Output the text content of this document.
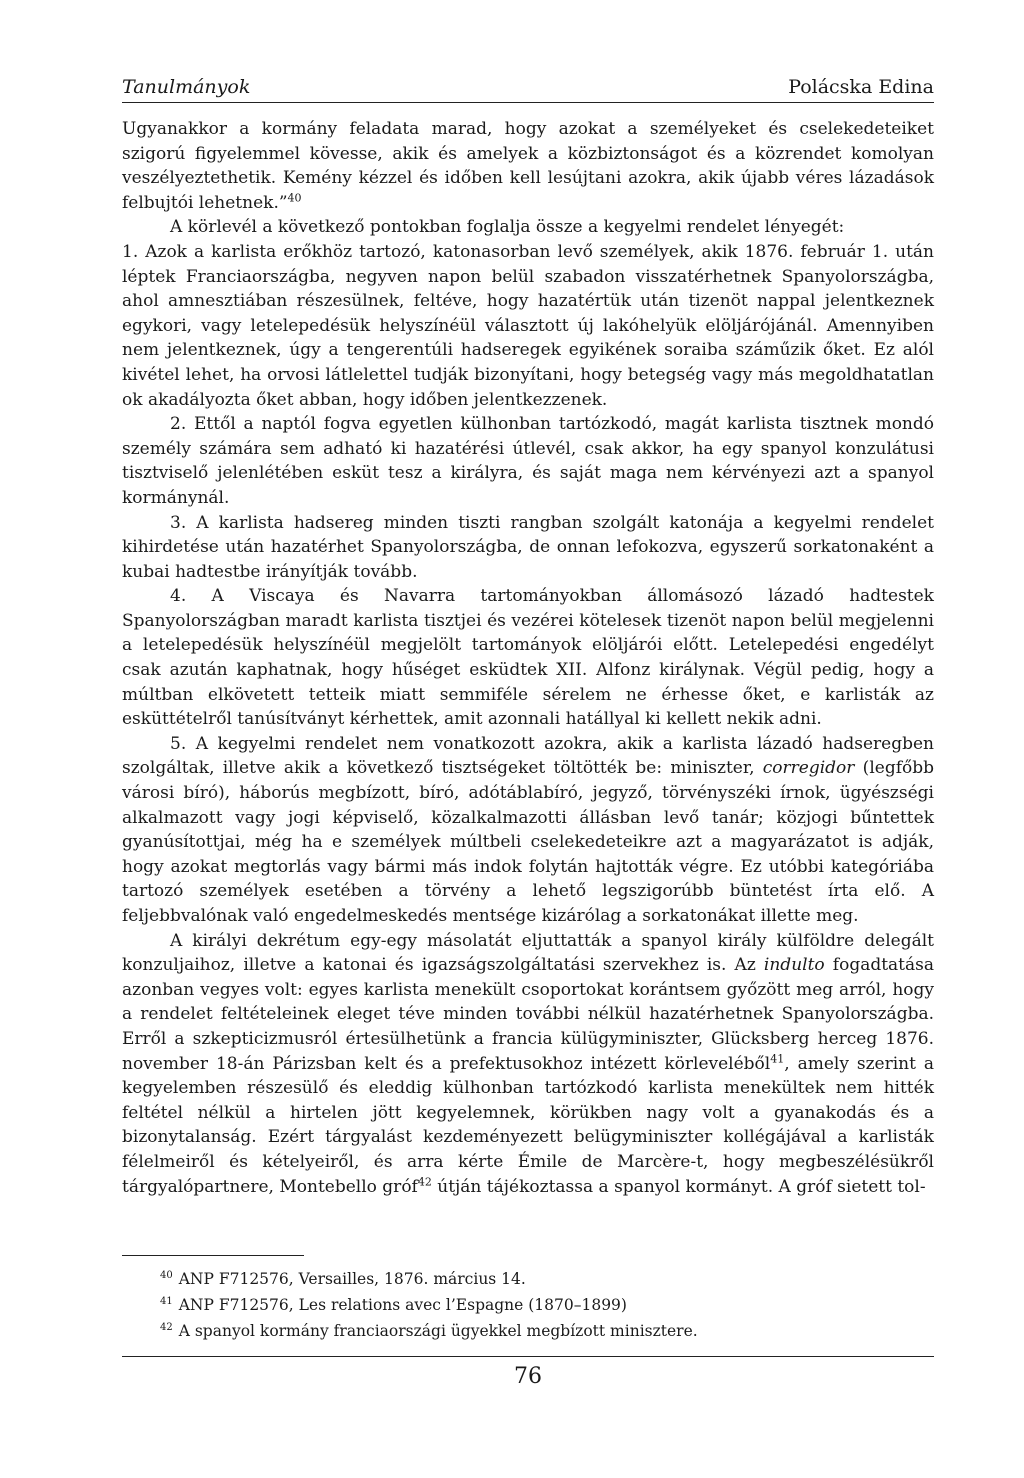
Tanulmányok	Polácska Edina

Ugyanakkor a kormány feladata marad, hogy azokat a személyeket és cselekedeteiket szigorú figyelemmel kövesse, akik és amelyek a közbiztonságot és a közrendet komolyan veszélyeztethetik. Kemény kézzel és időben kell lesújtani azokra, akik újabb véres lázadások felbujtói lehetnek.”$^{40}$

A körlevél a következő pontokban foglalja össze a kegyelmi rendelet lényegét:

1. Azok a karlista erőkhöz tartozó, katonasorban levő személyek, akik 1876. február 1. után léptek Franciaországba, negyven napon belül szabadon visszatérhetnek Spanyolországba, ahol amnesztiában részesülnek, feltéve, hogy hazatértük után tizenöt nappal jelentkeznek egykori, vagy letelepedésük helyszínéül választott új lakóhelyük elöljárójánál. Amennyiben nem jelentkeznek, úgy a tengerentúli hadseregek egyikének soraiba száműzik őket. Ez alól kivétel lehet, ha orvosi látlelettel tudják bizonyítani, hogy betegség vagy más megoldhatatlan ok akadályozta őket abban, hogy időben jelentkezzenek.

2. Ettől a naptól fogva egyetlen külhonban tartózkodó, magát karlista tisztnek mondó személy számára sem adható ki hazatérési útlevél, csak akkor, ha egy spanyol konzulátusi tisztviselő jelenlétében esküt tesz a királyra, és saját maga nem kérvényezi azt a spanyol kormánynál.

3. A karlista hadsereg minden tiszti rangban szolgált katonája a kegyelmi rendelet kihirdetése után hazatérhet Spanyolországba, de onnan lefokozva, egyszerű sorkatonaként a kubai hadtestbe irányítják tovább.

4. A Viscaya és Navarra tartományokban állomásozó lázadó hadtestek Spanyolországban maradt karlista tisztjei és vezérei kötelesek tizenöt napon belül megjelenni a letelepedésük helyszínéül megjelölt tartományok elöljárói előtt. Letelepedési engedélyt csak azután kaphatnak, hogy hűséget esküdtek XII. Alfonz királynak. Végül pedig, hogy a múltban elkövetett tetteik miatt semmiféle sérelem ne érhesse őket, e karlisták az esküttételről tanúsítványt kérhettek, amit azonnali hatállyal ki kellett nekik adni.

5. A kegyelmi rendelet nem vonatkozott azokra, akik a karlista lázadó hadseregben szolgáltak, illetve akik a következő tisztségeket töltötték be: miniszter, corregidor (legfőbb városi bíró), háborús megbízott, bíró, adótáblabíró, jegyző, törvényszéki írnok, ügyészségi alkalmazott vagy jogi képviselő, közalkalmazotti állásban levő tanár; közjogi bűntettek gyanúsítottjai, még ha e személyek múltbeli cselekedeteikre azt a magyarázatot is adják, hogy azokat megtorlás vagy bármi más indok folytán hajtották végre. Ez utóbbi kategóriába tartozó személyek esetében a törvény a lehető legszigorúbb büntetést írta elő. A feljebbvalónak való engedelmeskedés mentsége kizárólag a sorkatonákat illette meg.

A királyi dekrétum egy-egy másolatát eljuttatták a spanyol király külföldre delegált konzuljaihoz, illetve a katonai és igazságszolgáltatási szervekhez is. Az indulto fogadtatása azonban vegyes volt: egyes karlista menekült csoportokat korántsem győzött meg arról, hogy a rendelet feltételeinek eleget téve minden további nélkül hazatérhetnek Spanyolországba. Erről a szkepticizmusról értesülhetünk a francia külügyminiszter, Glücksberg herceg 1876. november 18-án Párizsban kelt és a prefektusokhoz intézett körleveléből$^{41}$, amely szerint a kegyelemben részesülő és eleddig külhonban tartózkodó karlista menekültek nem hitték feltétel nélkül a hirtelen jött kegyelemnek, körükben nagy volt a gyanakodás és a bizonytalanság. Ezért tárgyalást kezdeményezett belügyminiszter kollégájával a karlisták félelmeiről és kételyeiről, és arra kérte Émile de Marcère-t, hogy megbeszélésükről tárgyalópartnere, Montebello gróf$^{42}$ útján tájékoztassa a spanyol kormányt. A gróf sietett tol-

$^{40}$ ANP F712576, Versailles, 1876. március 14.
$^{41}$ ANP F712576, Les relations avec l’Espagne (1870–1899)
$^{42}$ A spanyol kormány franciaországi ügyekkel megbízott minisztere.
76
